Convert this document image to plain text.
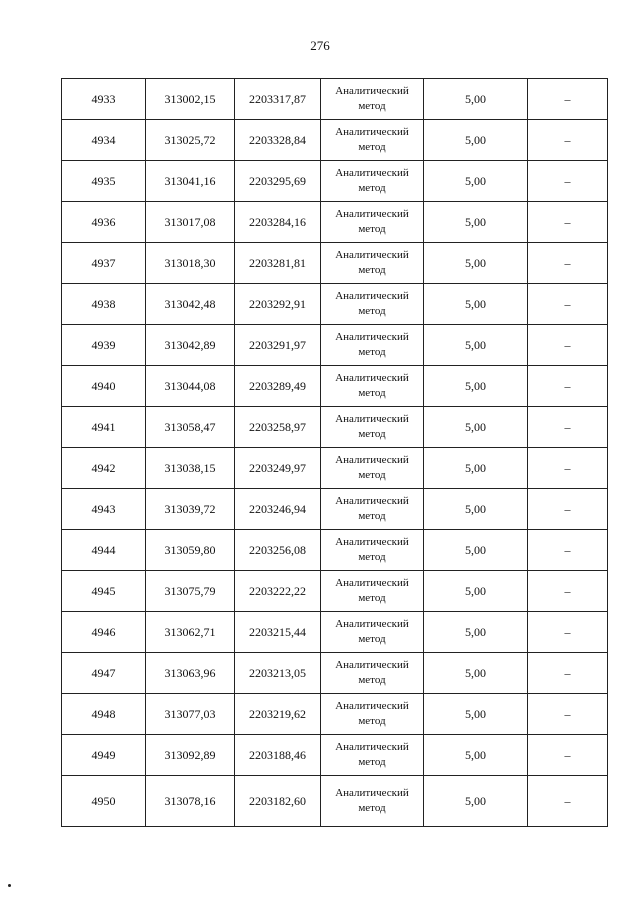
276
4933	313002,15	2203317,87	Аналитический метод	5,00	–
4934	313025,72	2203328,84	Аналитический метод	5,00	–
4935	313041,16	2203295,69	Аналитический метод	5,00	–
4936	313017,08	2203284,16	Аналитический метод	5,00	–
4937	313018,30	2203281,81	Аналитический метод	5,00	–
4938	313042,48	2203292,91	Аналитический метод	5,00	–
4939	313042,89	2203291,97	Аналитический метод	5,00	–
4940	313044,08	2203289,49	Аналитический метод	5,00	–
4941	313058,47	2203258,97	Аналитический метод	5,00	–
4942	313038,15	2203249,97	Аналитический метод	5,00	–
4943	313039,72	2203246,94	Аналитический метод	5,00	–
4944	313059,80	2203256,08	Аналитический метод	5,00	–
4945	313075,79	2203222,22	Аналитический метод	5,00	–
4946	313062,71	2203215,44	Аналитический метод	5,00	–
4947	313063,96	2203213,05	Аналитический метод	5,00	–
4948	313077,03	2203219,62	Аналитический метод	5,00	–
4949	313092,89	2203188,46	Аналитический метод	5,00	–
4950	313078,16	2203182,60	Аналитический метод	5,00	–
